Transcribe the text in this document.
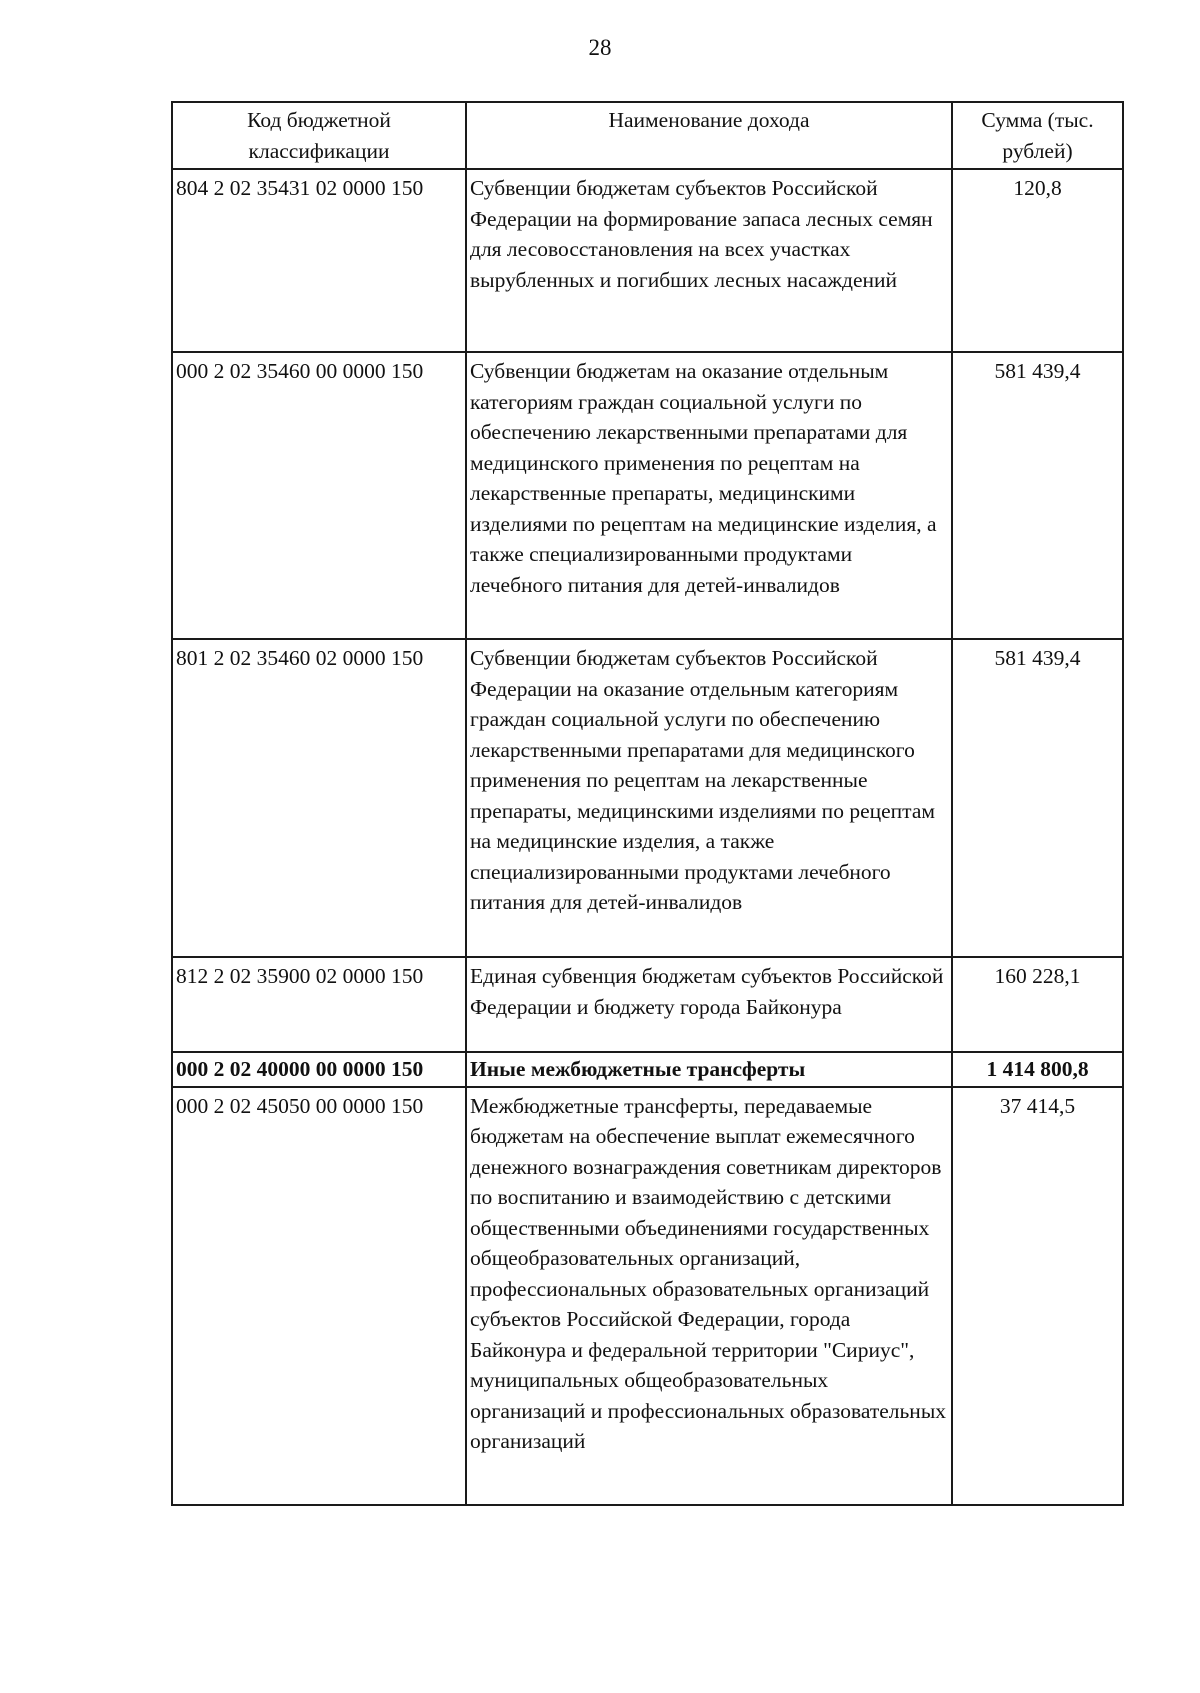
28
Код бюджетной классификации	Наименование дохода	Сумма (тыс. рублей)
804 2 02 35431 02 0000 150	Субвенции бюджетам субъектов Российской Федерации на формирование запаса лесных семян для лесовосстановления на всех участках вырубленных и погибших лесных насаждений	120,8
000 2 02 35460 00 0000 150	Субвенции бюджетам на оказание отдельным категориям граждан социальной услуги по обеспечению лекарственными препаратами для медицинского применения по рецептам на лекарственные препараты, медицинскими изделиями по рецептам на медицинские изделия, а также специализированными продуктами лечебного питания для детей-инвалидов	581 439,4
801 2 02 35460 02 0000 150	Субвенции бюджетам субъектов Российской Федерации на оказание отдельным категориям граждан социальной услуги по обеспечению лекарственными препаратами для медицинского применения по рецептам на лекарственные препараты, медицинскими изделиями по рецептам на медицинские изделия, а также специализированными продуктами лечебного питания для детей-инвалидов	581 439,4
812 2 02 35900 02 0000 150	Единая субвенция бюджетам субъектов Российской Федерации и бюджету города Байконура	160 228,1
000 2 02 40000 00 0000 150	Иные межбюджетные трансферты	1 414 800,8
000 2 02 45050 00 0000 150	Межбюджетные трансферты, передаваемые бюджетам на обеспечение выплат ежемесячного денежного вознаграждения советникам директоров по воспитанию и взаимодействию с детскими общественными объединениями государственных общеобразовательных организаций, профессиональных образовательных организаций субъектов Российской Федерации, города Байконура и федеральной территории "Сириус", муниципальных общеобразовательных организаций и профессиональных образовательных организаций	37 414,5
